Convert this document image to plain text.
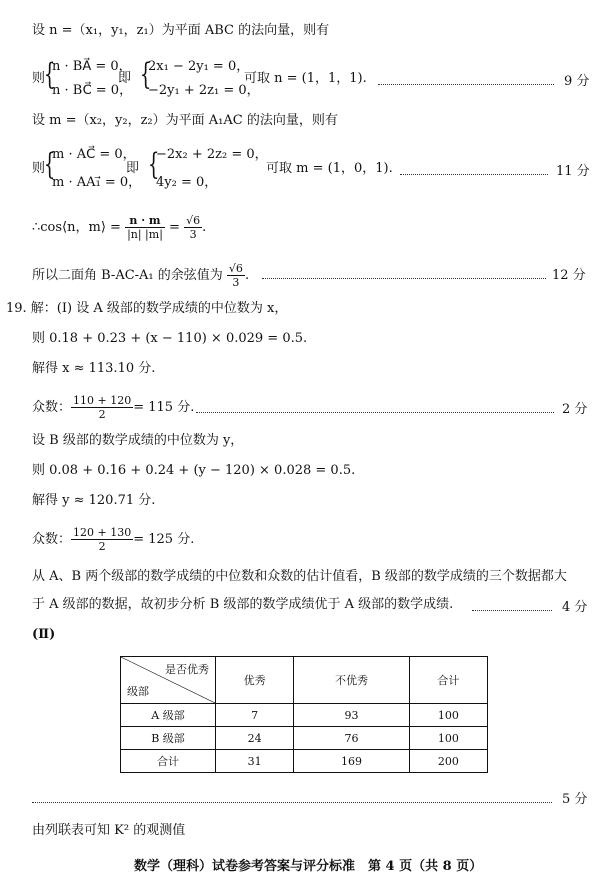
设 n =（x₁，y₁，z₁）为平面 ABC 的法向量，则有
则
{
n · BA⃗ = 0，
n · BC⃗ = 0，
即 {
2x₁ − 2y₁ = 0，
−2y₁ + 2z₁ = 0，
可取 n = (1，1，1).	9 分
设 m =（x₂，y₂，z₂）为平面 A₁AC 的法向量，则有
则
{
m · AC⃗ = 0，
m · AA₁⃗ = 0，
即 {
−2x₂ + 2z₂ = 0，
4y₂ = 0，
可取 m = (1，0，1).	11 分
∴cos⟨n，m⟩ = $\frac{n \cdot m}{|n| |m|} = \frac{√6}{3}$ .
所以二面角 B-AC-A₁ 的余弦值为 $\frac{√6}{3}$ .	12 分
19. 解：(Ⅰ) 设 A 级部的数学成绩的中位数为 x，
则 0.18 + 0.23 + (x − 110) × 0.029 = 0.5.
解得 x ≈ 113.10 分.
众数： $\frac{110 + 120}{2} = 115$ 分.	2 分
设 B 级部的数学成绩的中位数为 y，
则 0.08 + 0.16 + 0.24 + (y − 120) × 0.028 = 0.5.
解得 y ≈ 120.71 分.
众数： $\frac{120 + 130}{2} = 125$ 分.
从 A、B 两个级部的数学成绩的中位数和众数的估计值看，B 级部的数学成绩的三个数据都大
于 A 级部的数据，故初步分析 B 级部的数学成绩优于 A 级部的数学成绩.	4 分
(Ⅱ)
是否优秀
级部	优秀	不优秀	合计
A 级部	7	93	100
B 级部	24	76	100
合计	31	169	200
5 分
由列联表可知 K² 的观测值
数学（理科）试卷参考答案与评分标准　第 4 页（共 8 页）
